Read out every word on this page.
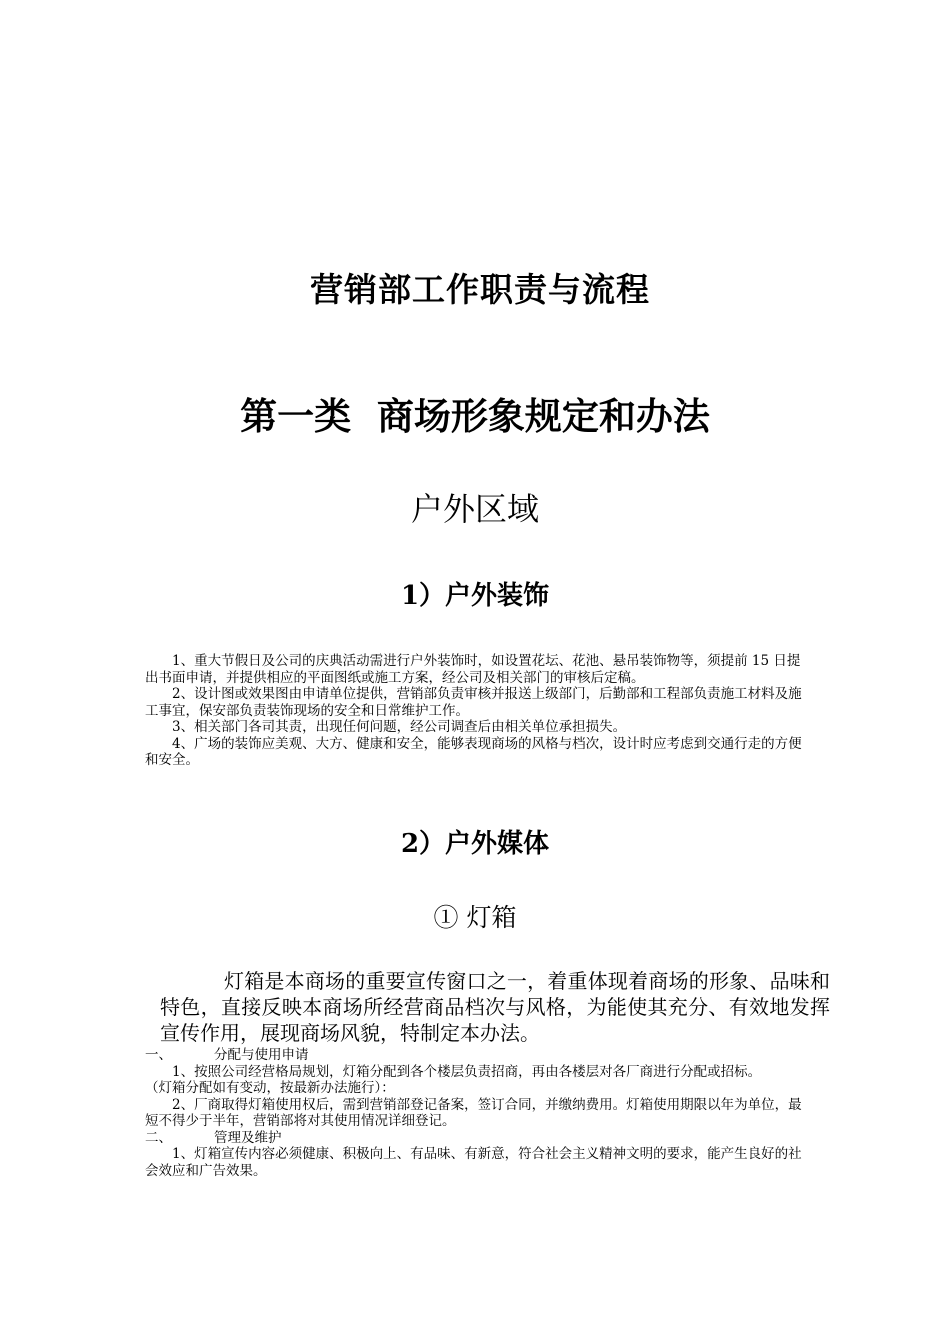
营销部工作职责与流程
第一类  商场形象规定和办法
户外区域
1）户外装饰

1、重大节假日及公司的庆典活动需进行户外装饰时，如设置花坛、花池、悬吊装饰物等，须提前 15 日提出书面申请，并提供相应的平面图纸或施工方案，经公司及相关部门的审核后定稿。

2、设计图或效果图由申请单位提供，营销部负责审核并报送上级部门，后勤部和工程部负责施工材料及施工事宜，保安部负责装饰现场的安全和日常维护工作。

3、相关部门各司其责，出现任何问题，经公司调查后由相关单位承担损失。

4、广场的装饰应美观、大方、健康和安全，能够表现商场的风格与档次，设计时应考虑到交通行走的方便和安全。

2）户外媒体
① 灯箱

灯箱是本商场的重要宣传窗口之一，着重体现着商场的形象、品味和特色，直接反映本商场所经营商品档次与风格，为能使其充分、有效地发挥宣传作用，展现商场风貌，特制定本办法。

一、	分配与使用申请

1、按照公司经营格局规划，灯箱分配到各个楼层负责招商，再由各楼层对各厂商进行分配或招标。

（灯箱分配如有变动，按最新办法施行）：

2、厂商取得灯箱使用权后，需到营销部登记备案，签订合同，并缴纳费用。灯箱使用期限以年为单位，最短不得少于半年，营销部将对其使用情况详细登记。

二、	管理及维护

1、灯箱宣传内容必须健康、积极向上、有品味、有新意，符合社会主义精神文明的要求，能产生良好的社会效应和广告效果。
